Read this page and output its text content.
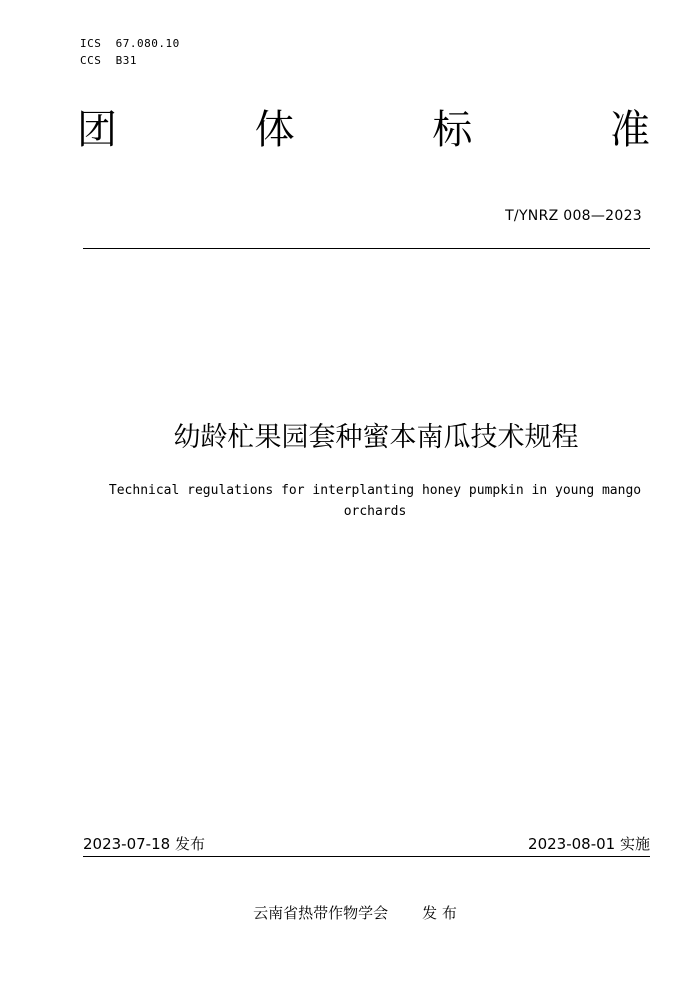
ICS  67.080.10
CCS  B31
团	体	标	准
T/YNRZ 008—2023
幼龄杧果园套种蜜本南瓜技术规程
Technical regulations for interplanting honey pumpkin in young mango orchards
2023-07-18 发布	2023-08-01 实施
云南省热带作物学会 发 布
